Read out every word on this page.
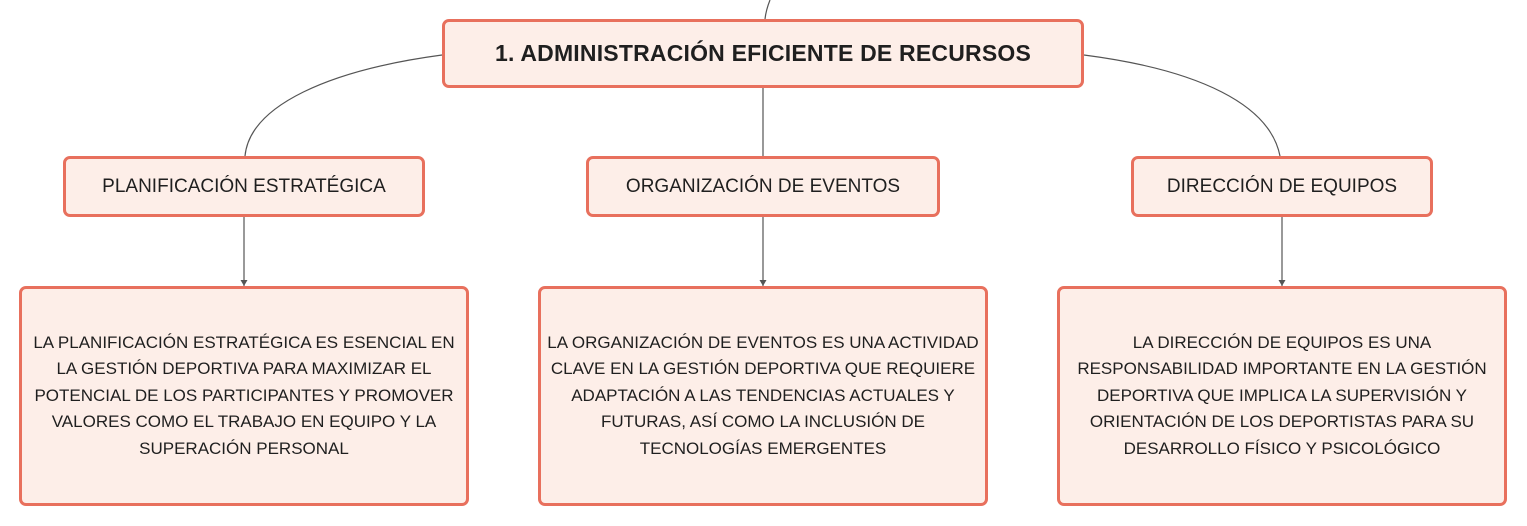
1. ADMINISTRACIÓN EFICIENTE DE RECURSOS
PLANIFICACIÓN ESTRATÉGICA	ORGANIZACIÓN DE EVENTOS	DIRECCIÓN DE EQUIPOS
LA PLANIFICACIÓN ESTRATÉGICA ES ESENCIAL EN LA GESTIÓN DEPORTIVA PARA MAXIMIZAR EL POTENCIAL DE LOS PARTICIPANTES Y PROMOVER VALORES COMO EL TRABAJO EN EQUIPO Y LA SUPERACIÓN PERSONAL
LA ORGANIZACIÓN DE EVENTOS ES UNA ACTIVIDAD CLAVE EN LA GESTIÓN DEPORTIVA QUE REQUIERE ADAPTACIÓN A LAS TENDENCIAS ACTUALES Y FUTURAS, ASÍ COMO LA INCLUSIÓN DE TECNOLOGÍAS EMERGENTES
LA DIRECCIÓN DE EQUIPOS ES UNA RESPONSABILIDAD IMPORTANTE EN LA GESTIÓN DEPORTIVA QUE IMPLICA LA SUPERVISIÓN Y ORIENTACIÓN DE LOS DEPORTISTAS PARA SU DESARROLLO FÍSICO Y PSICOLÓGICO
